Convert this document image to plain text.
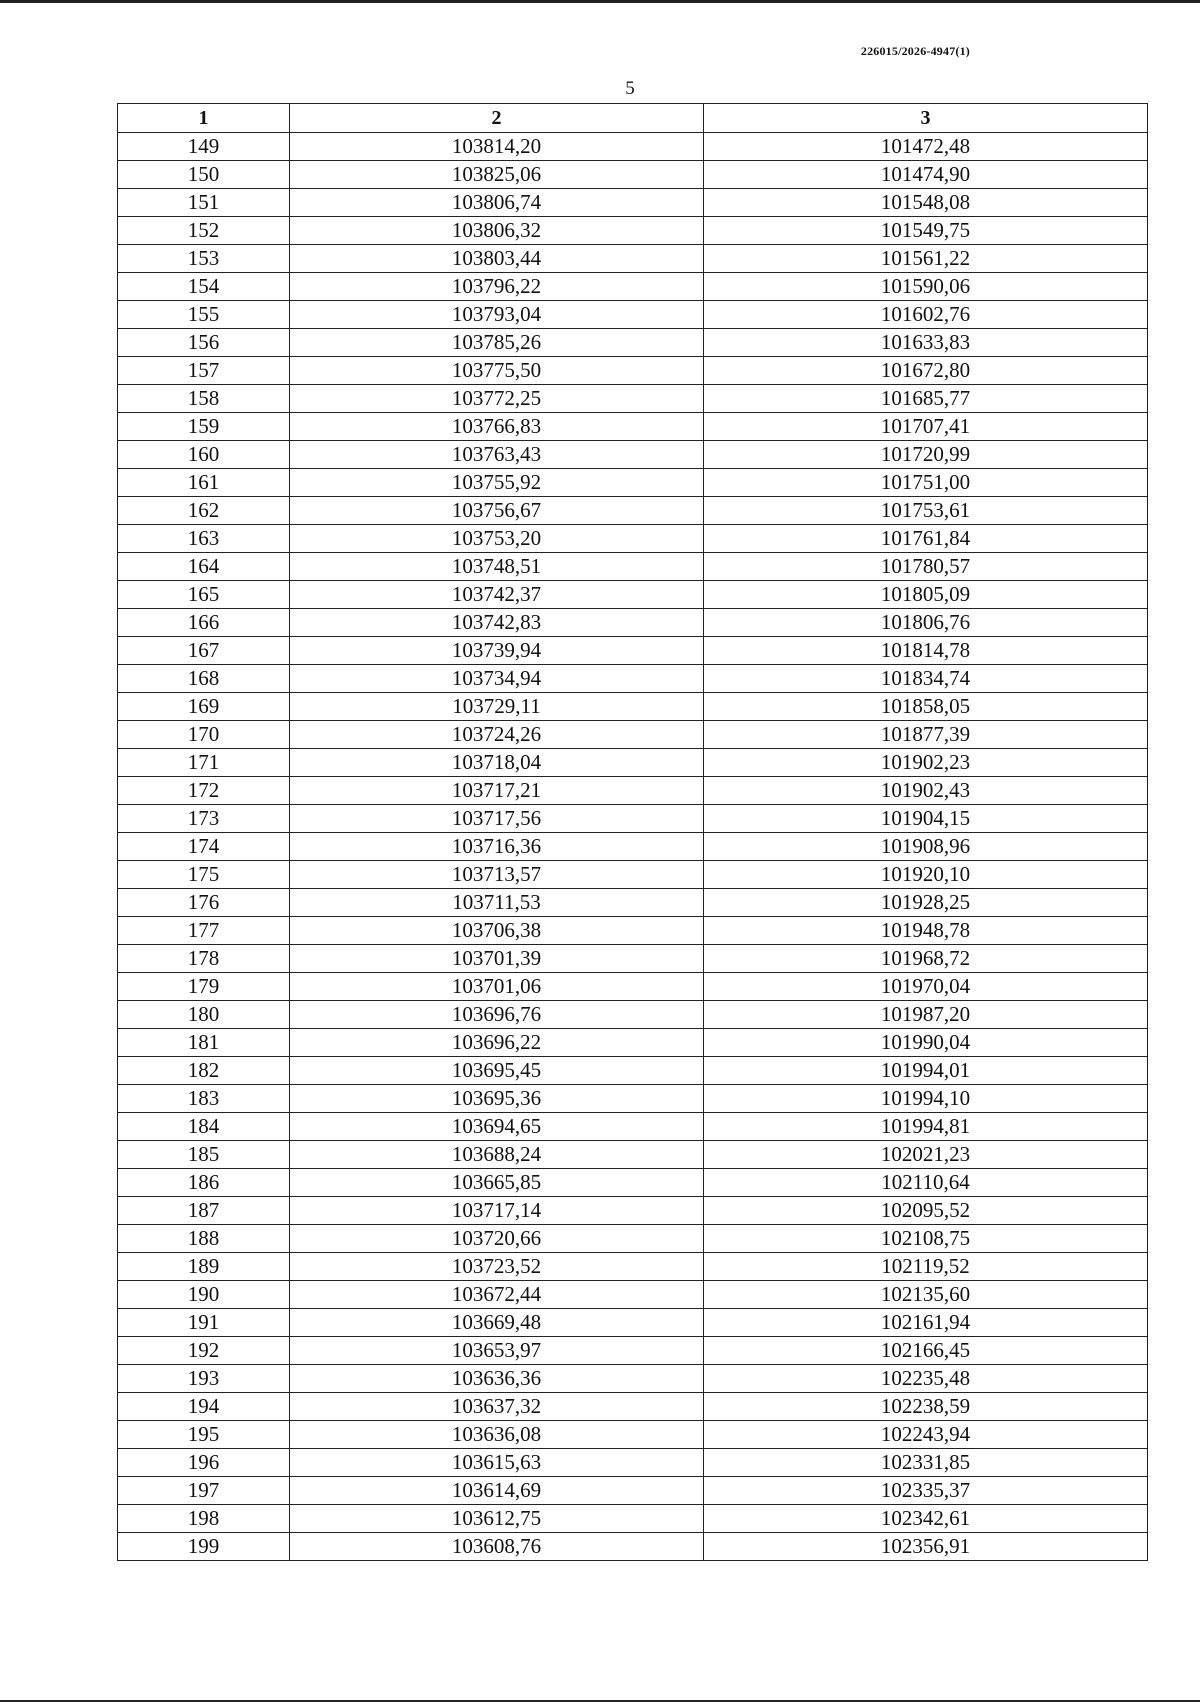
226015/2026-4947(1)
5
1	2	3
149	103814,20	101472,48
150	103825,06	101474,90
151	103806,74	101548,08
152	103806,32	101549,75
153	103803,44	101561,22
154	103796,22	101590,06
155	103793,04	101602,76
156	103785,26	101633,83
157	103775,50	101672,80
158	103772,25	101685,77
159	103766,83	101707,41
160	103763,43	101720,99
161	103755,92	101751,00
162	103756,67	101753,61
163	103753,20	101761,84
164	103748,51	101780,57
165	103742,37	101805,09
166	103742,83	101806,76
167	103739,94	101814,78
168	103734,94	101834,74
169	103729,11	101858,05
170	103724,26	101877,39
171	103718,04	101902,23
172	103717,21	101902,43
173	103717,56	101904,15
174	103716,36	101908,96
175	103713,57	101920,10
176	103711,53	101928,25
177	103706,38	101948,78
178	103701,39	101968,72
179	103701,06	101970,04
180	103696,76	101987,20
181	103696,22	101990,04
182	103695,45	101994,01
183	103695,36	101994,10
184	103694,65	101994,81
185	103688,24	102021,23
186	103665,85	102110,64
187	103717,14	102095,52
188	103720,66	102108,75
189	103723,52	102119,52
190	103672,44	102135,60
191	103669,48	102161,94
192	103653,97	102166,45
193	103636,36	102235,48
194	103637,32	102238,59
195	103636,08	102243,94
196	103615,63	102331,85
197	103614,69	102335,37
198	103612,75	102342,61
199	103608,76	102356,91
